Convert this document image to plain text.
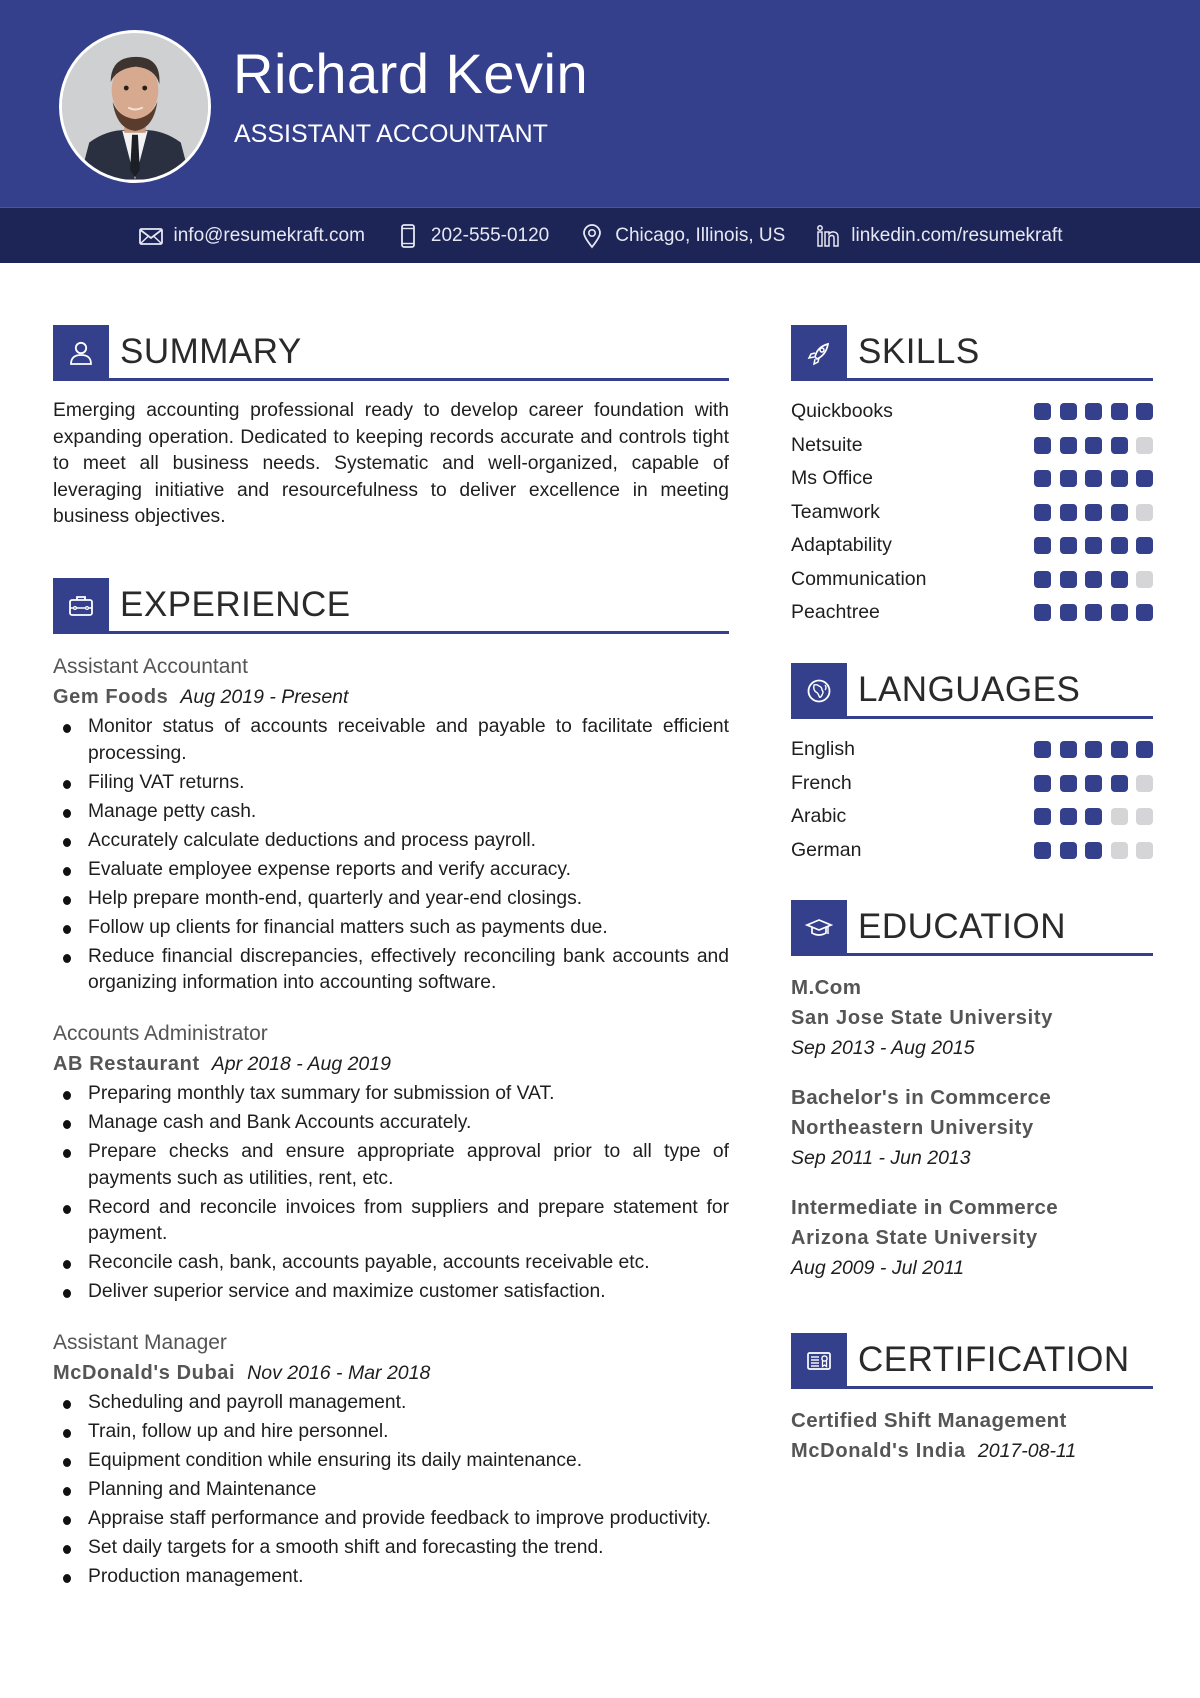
Richard Kevin
ASSISTANT ACCOUNTANT
info@resumekraft.com	202-555-0120	Chicago, Illinois, US	linkedin.com/resumekraft
SUMMARY
Emerging accounting professional ready to develop career foundation with expanding operation. Dedicated to keeping records accurate and controls tight to meet all business needs. Systematic and well-organized, capable of leveraging initiative and resourcefulness to deliver excellence in meeting business objectives.
EXPERIENCE
Assistant Accountant
Gem Foods Aug 2019 - Present
Monitor status of accounts receivable and payable to facilitate efficient processing.
Filing VAT returns.
Manage petty cash.
Accurately calculate deductions and process payroll.
Evaluate employee expense reports and verify accuracy.
Help prepare month-end, quarterly and year-end closings.
Follow up clients for financial matters such as payments due.
Reduce financial discrepancies, effectively reconciling bank accounts and organizing information into accounting software.
Accounts Administrator
AB Restaurant Apr 2018 - Aug 2019
Preparing monthly tax summary for submission of VAT.
Manage cash and Bank Accounts accurately.
Prepare checks and ensure appropriate approval prior to all type of payments such as utilities, rent, etc.
Record and reconcile invoices from suppliers and prepare statement for payment.
Reconcile cash, bank, accounts payable, accounts receivable etc.
Deliver superior service and maximize customer satisfaction.
Assistant Manager
McDonald's Dubai Nov 2016 - Mar 2018
Scheduling and payroll management.
Train, follow up and hire personnel.
Equipment condition while ensuring its daily maintenance.
Planning and Maintenance
Appraise staff performance and provide feedback to improve productivity.
Set daily targets for a smooth shift and forecasting the trend.
Production management.
SKILLS
Quickbooks
Netsuite
Ms Office
Teamwork
Adaptability
Communication
Peachtree
LANGUAGES
English
French
Arabic
German
EDUCATION
M.Com
San Jose State University
Sep 2013 - Aug 2015
Bachelor's in Commcerce
Northeastern University
Sep 2011 - Jun 2013
Intermediate in Commerce
Arizona State University
Aug 2009 - Jul 2011
CERTIFICATION
Certified Shift Management
McDonald's India 2017-08-11
